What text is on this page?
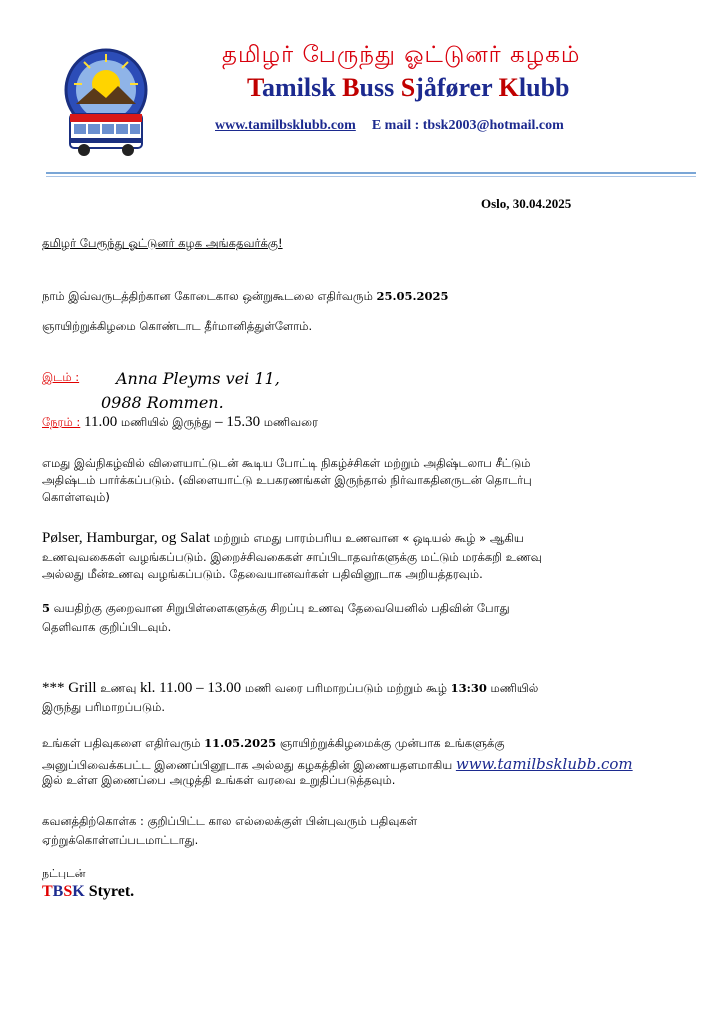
தமிழர் பேருந்து ஓட்டுனர் கழகம்
Tamilsk Buss Sjåfører Klubb
www.tamilbsklubb.com E mail : tbsk2003@hotmail.com
Oslo, 30.04.2025
தமிழர் பேரூந்து ஓட்டுனர் கழக அங்கதவர்க்கு!
நாம் இவ்வருடத்திற்கான கோடைகால ஒன்றுகூடலை எதிர்வரும் 25.05.2025
ஞாயிற்றுக்கிழமை கொண்டாட தீர்மானித்துள்ளோம்.
இடம் : Anna Pleyms vei 11,
0988 Rommen.
நேரம் : 11.00 மணியில் இருந்து – 15.30 மணிவரை
எமது இவ்நிகழ்வில் விளையாட்டுடன் கூடிய போட்டி நிகழ்ச்சிகள் மற்றும் அதிஷ்டலாப சீட்டும்
அதிஷ்டம் பார்க்கப்படும். (விளையாட்டு உபகரணங்கள் இருந்தால் நிர்வாகதினருடன் தொடர்பு
கொள்ளவும்)
Pølser, Hamburgar, og Salat மற்றும் எமது பாரம்பரிய உணவான « ஒடியல் கூழ் » ஆகிய
உணவுவகைகள் வழங்கப்படும். இறைச்சிவகைகள் சாப்பிடாதவர்களுக்கு மட்டும் மரக்கறி உணவு
அல்லது மீன்உணவு வழங்கப்படும். தேவையானவர்கள் பதிவினூடாக அறியத்தரவும்.
5 வயதிற்கு குறைவான சிறுபிள்ளைகளுக்கு சிறப்பு உணவு தேவையெனில் பதிவின் போது
தெளிவாக குறிப்பிடவும்.
*** Grill உணவு kl. 11.00 – 13.00 மணி வரை பரிமாறப்படும் மற்றும் கூழ் 13:30 மணியில்
இருந்து பரிமாறப்படும்.
உங்கள் பதிவுகளை எதிர்வரும் 11.05.2025 ஞாயிற்றுக்கிழமைக்கு முன்பாக உங்களுக்கு
அனுப்பிவைக்கபட்ட இணைப்பினூடாக அல்லது கழகத்தின் இணையதளமாகிய www.tamilbsklubb.com
இல் உள்ள இணைப்பை அழுத்தி உங்கள் வரவை உறுதிப்படுத்தவும்.
கவனத்திற்கொள்க : குறிப்பிட்ட கால எல்லைக்குள் பின்புவரும் பதிவுகள்
ஏற்றுக்கொள்ளப்படமாட்டாது.
நட்புடன்
TBSK Styret.
